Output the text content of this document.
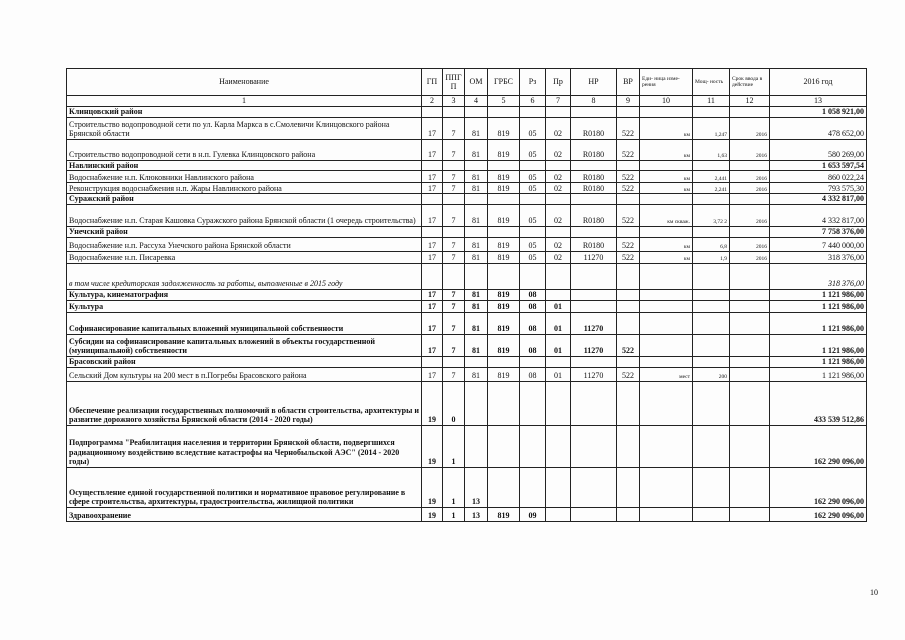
Наименование	ГП	ППГ П	ОМ	ГРБС	Рз	Пр	НР	ВР	Еди- ница изме- рения	Мощ- ность	Срок ввода в действие	2016 год
1	2	3	4	5	6	7	8	9	10	11	12	13
Клинцовский район												1 058 921,00
Строительство водопроводной сети по ул. Карла Маркса в с.Смолевичи Клинцовского района Брянской области	17	7	81	819	05	02	R0180	522	км	1,247	2016	478 652,00
Строительство водопроводной сети в н.п. Гулевка Клинцовского района	17	7	81	819	05	02	R0180	522	км	1,63	2016	580 269,00
Навлинский район												1 653 597,54
Водоснабжение н.п. Клюковники Навлинского района	17	7	81	819	05	02	R0180	522	км	2,441	2016	860 022,24
Реконструкция водоснабжения н.п. Жары Навлинского района	17	7	81	819	05	02	R0180	522	км	2,241	2016	793 575,30
Суражский район												4 332 817,00
Водоснабжение н.п. Старая Кашовка Суражского района Брянской области (1 очередь строительства)	17	7	81	819	05	02	R0180	522	км скваж.	3,72 2	2016	4 332 817,00
Унечский район												7 758 376,00
Водоснабжение н.п. Рассуха Унечского района Брянской области	17	7	81	819	05	02	R0180	522	км	6,8	2016	7 440 000,00
Водоснабжение н.п. Писаревка	17	7	81	819	05	02	11270	522	км	1,9	2016	318 376,00
в том числе кредиторская задолженность за работы, выполненные в 2015 году												318 376,00
Культура, кинематография	17	7	81	819	08							1 121 986,00
Культура	17	7	81	819	08	01						1 121 986,00
Софинансирование капитальных вложений муниципальной собственности	17	7	81	819	08	01	11270					1 121 986,00
Субсидии на софинансирование капитальных вложений в объекты государственной (муниципальной) собственности	17	7	81	819	08	01	11270	522				1 121 986,00
Брасовский район												1 121 986,00
Сельский Дом культуры на 200 мест в п.Погребы Брасовского района	17	7	81	819	08	01	11270	522	мест	200		1 121 986,00
Обеспечение реализации государственных полномочий в области строительства, архитектуры и развитие дорожного хозяйства Брянской области (2014 - 2020 годы)	19	0										433 539 512,86
Подпрограмма "Реабилитация населения и территории Брянской области, подвергшихся радиационному воздействию вследствие катастрофы на Чернобыльской АЭС" (2014 - 2020 годы)	19	1										162 290 096,00
Осуществление единой государственной политики и нормативное правовое регулирование в сфере строительства, архитектуры, градостроительства, жилищной политики	19	1	13									162 290 096,00
Здравоохранение	19	1	13	819	09							162 290 096,00
10
